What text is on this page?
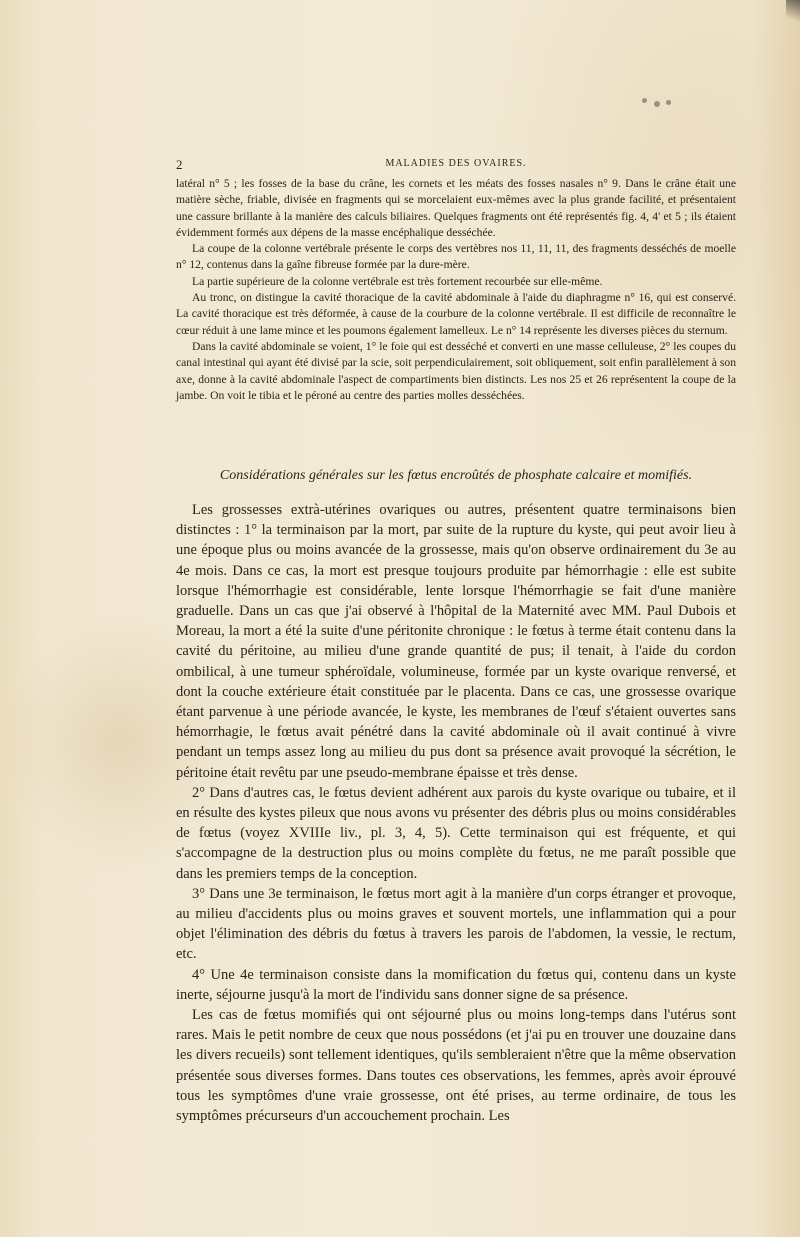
2	MALADIES DES OVAIRES.

latéral n° 5 ; les fosses de la base du crâne, les cornets et les méats des fosses nasales n° 9. Dans le crâne était une matière sèche, friable, divisée en fragments qui se morcelaient eux-mêmes avec la plus grande facilité, et présentaient une cassure brillante à la manière des calculs biliaires. Quelques fragments ont été représentés fig. 4, 4' et 5 ; ils étaient évidemment formés aux dépens de la masse encéphalique desséchée.

La coupe de la colonne vertébrale présente le corps des vertèbres nos 11, 11, 11, des fragments desséchés de moelle n° 12, contenus dans la gaîne fibreuse formée par la dure-mère.

La partie supérieure de la colonne vertébrale est très fortement recourbée sur elle-même.

Au tronc, on distingue la cavité thoracique de la cavité abdominale à l'aide du diaphragme n° 16, qui est conservé. La cavité thoracique est très déformée, à cause de la courbure de la colonne vertébrale. Il est difficile de reconnaître le cœur réduit à une lame mince et les poumons également lamelleux. Le n° 14 représente les diverses pièces du sternum.

Dans la cavité abdominale se voient, 1° le foie qui est desséché et converti en une masse celluleuse, 2° les coupes du canal intestinal qui ayant été divisé par la scie, soit perpendiculairement, soit obliquement, soit enfin parallèlement à son axe, donne à la cavité abdominale l'aspect de compartiments bien distincts. Les nos 25 et 26 représentent la coupe de la jambe. On voit le tibia et le péroné au centre des parties molles desséchées.

Considérations générales sur les fœtus encroûtés de phosphate calcaire et momifiés.

Les grossesses extrà-utérines ovariques ou autres, présentent quatre terminaisons bien distinctes : 1° la terminaison par la mort, par suite de la rupture du kyste, qui peut avoir lieu à une époque plus ou moins avancée de la grossesse, mais qu'on observe ordinairement du 3e au 4e mois. Dans ce cas, la mort est presque toujours produite par hémorrhagie : elle est subite lorsque l'hémorrhagie est considérable, lente lorsque l'hémorrhagie se fait d'une manière graduelle. Dans un cas que j'ai observé à l'hôpital de la Maternité avec MM. Paul Dubois et Moreau, la mort a été la suite d'une péritonite chronique : le fœtus à terme était contenu dans la cavité du péritoine, au milieu d'une grande quantité de pus; il tenait, à l'aide du cordon ombilical, à une tumeur sphéroïdale, volumineuse, formée par un kyste ovarique renversé, et dont la couche extérieure était constituée par le placenta. Dans ce cas, une grossesse ovarique étant parvenue à une période avancée, le kyste, les membranes de l'œuf s'étaient ouvertes sans hémorrhagie, le fœtus avait pénétré dans la cavité abdominale où il avait continué à vivre pendant un temps assez long au milieu du pus dont sa présence avait provoqué la sécrétion, le péritoine était revêtu par une pseudo-membrane épaisse et très dense.

2° Dans d'autres cas, le fœtus devient adhérent aux parois du kyste ovarique ou tubaire, et il en résulte des kystes pileux que nous avons vu présenter des débris plus ou moins considérables de fœtus (voyez XVIIIe liv., pl. 3, 4, 5). Cette terminaison qui est fréquente, et qui s'accompagne de la destruction plus ou moins complète du fœtus, ne me paraît possible que dans les premiers temps de la conception.

3° Dans une 3e terminaison, le fœtus mort agit à la manière d'un corps étranger et provoque, au milieu d'accidents plus ou moins graves et souvent mortels, une inflammation qui a pour objet l'élimination des débris du fœtus à travers les parois de l'abdomen, la vessie, le rectum, etc.

4° Une 4e terminaison consiste dans la momification du fœtus qui, contenu dans un kyste inerte, séjourne jusqu'à la mort de l'individu sans donner signe de sa présence.

Les cas de fœtus momifiés qui ont séjourné plus ou moins long-temps dans l'utérus sont rares. Mais le petit nombre de ceux que nous possédons (et j'ai pu en trouver une douzaine dans les divers recueils) sont tellement identiques, qu'ils sembleraient n'être que la même observation présentée sous diverses formes. Dans toutes ces observations, les femmes, après avoir éprouvé tous les symptômes d'une vraie grossesse, ont été prises, au terme ordinaire, de tous les symptômes précurseurs d'un accouchement prochain. Les
